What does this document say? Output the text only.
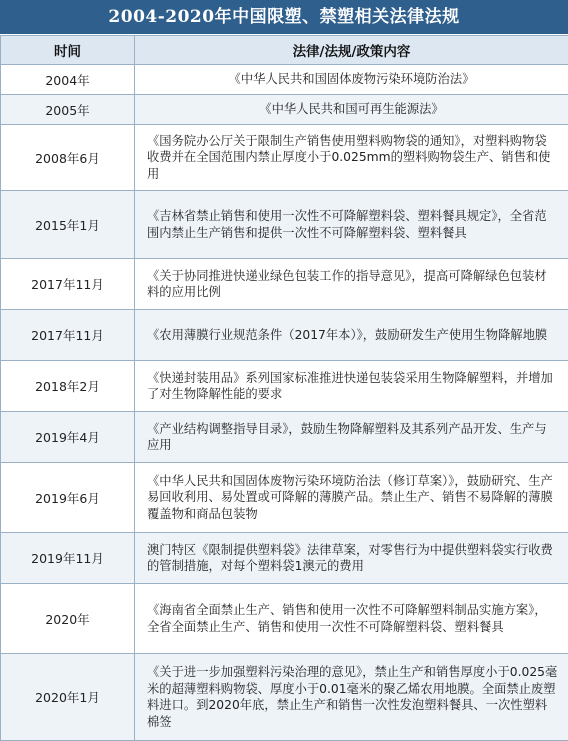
2004-2020年中国限塑、禁塑相关法律法规
时间	法律/法规/政策内容
2004年	《中华人民共和国固体废物污染环境防治法》
2005年	《中华人民共和国可再生能源法》
2008年6月	《国务院办公厅关于限制生产销售使用塑料购物袋的通知》，对塑料购物袋收费并在全国范围内禁止厚度小于0.025mm的塑料购物袋生产、销售和使用
2015年1月	《吉林省禁止销售和使用一次性不可降解塑料袋、塑料餐具规定》，全省范围内禁止生产销售和提供一次性不可降解塑料袋、塑料餐具
2017年11月	《关于协同推进快递业绿色包装工作的指导意见》，提高可降解绿色包装材料的应用比例
2017年11月	《农用薄膜行业规范条件（2017年本）》，鼓励研发生产使用生物降解地膜
2018年2月	《快递封装用品》系列国家标准推进快递包装袋采用生物降解塑料，并增加了对生物降解性能的要求
2019年4月	《产业结构调整指导目录》，鼓励生物降解塑料及其系列产品开发、生产与应用
2019年6月	《中华人民共和国固体废物污染环境防治法（修订草案）》，鼓励研究、生产易回收利用、易处置或可降解的薄膜产品。禁止生产、销售不易降解的薄膜覆盖物和商品包装物
2019年11月	澳门特区《限制提供塑料袋》法律草案，对零售行为中提供塑料袋实行收费的管制措施，对每个塑料袋1澳元的费用
2020年	《海南省全面禁止生产、销售和使用一次性不可降解塑料制品实施方案》，全省全面禁止生产、销售和使用一次性不可降解塑料袋、塑料餐具
2020年1月	《关于进一步加强塑料污染治理的意见》，禁止生产和销售厚度小于0.025毫米的超薄塑料购物袋、厚度小于0.01毫米的聚乙烯农用地膜。全面禁止废塑料进口。到2020年底，禁止生产和销售一次性发泡塑料餐具、一次性塑料棉签
